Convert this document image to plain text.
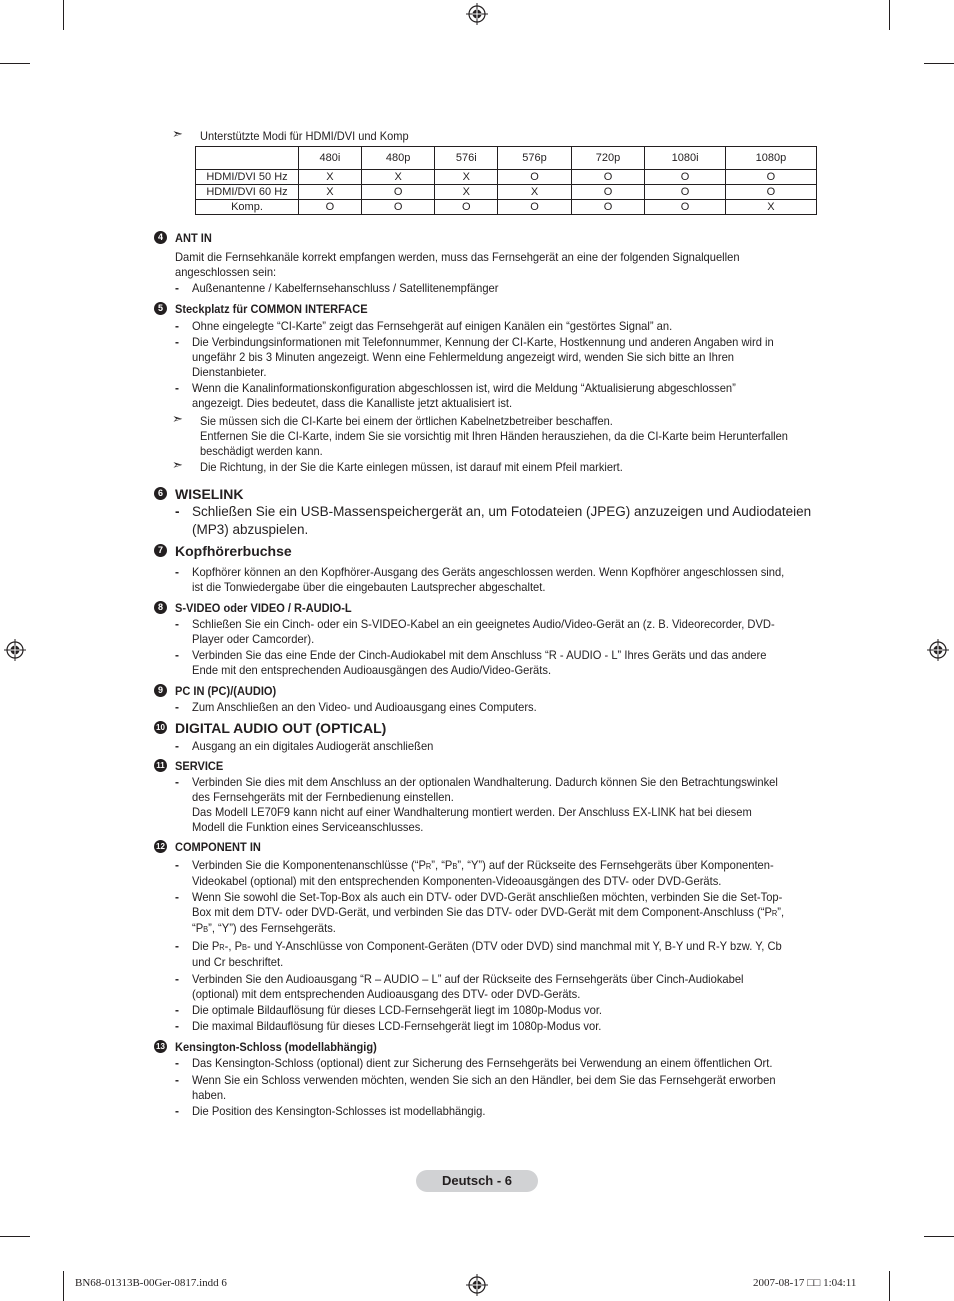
➣ Unterstützte Modi für HDMI/DVI und Komp
	480i	480p	576i	576p	720p	1080i	1080p
HDMI/DVI 50 Hz	X	X	X	O	O	O	O
HDMI/DVI 60 Hz	X	O	X	X	O	O	O
Komp.	O	O	O	O	O	O	X
4	ANT IN
Damit die Fernsehkanäle korrekt empfangen werden, muss das Fernsehgerät an eine der folgenden Signalquellen angeschlossen sein:
- Außenantenne / Kabelfernsehanschluss / Satellitenempfänger
5	Steckplatz für COMMON INTERFACE
- Ohne eingelegte “CI-Karte” zeigt das Fernsehgerät auf einigen Kanälen ein “gestörtes Signal” an.
- Die Verbindungsinformationen mit Telefonnummer, Kennung der CI-Karte, Hostkennung und anderen Angaben wird in ungefähr 2 bis 3 Minuten angezeigt. Wenn eine Fehlermeldung angezeigt wird, wenden Sie sich bitte an Ihren Dienstanbieter.
- Wenn die Kanalinformationskonfiguration abgeschlossen ist, wird die Meldung “Aktualisierung abgeschlossen” angezeigt. Dies bedeutet, dass die Kanalliste jetzt aktualisiert ist.
➣ Sie müssen sich die CI-Karte bei einem der örtlichen Kabelnetzbetreiber beschaffen.
Entfernen Sie die CI-Karte, indem Sie sie vorsichtig mit Ihren Händen herausziehen, da die CI-Karte beim Herunterfallen beschädigt werden kann.
➣ Die Richtung, in der Sie die Karte einlegen müssen, ist darauf mit einem Pfeil markiert.
6 WISELINK
- Schließen Sie ein USB-Massenspeichergerät an, um Fotodateien (JPEG) anzuzeigen und Audiodateien (MP3) abzuspielen.
7 Kopfhörerbuchse
- Kopfhörer können an den Kopfhörer-Ausgang des Geräts angeschlossen werden. Wenn Kopfhörer angeschlossen sind, ist die Tonwiedergabe über die eingebauten Lautsprecher abgeschaltet.
8	S-VIDEO oder VIDEO / R-AUDIO-L
- Schließen Sie ein Cinch- oder ein S-VIDEO-Kabel an ein geeignetes Audio/Video-Gerät an (z. B. Videorecorder, DVD-Player oder Camcorder).
- Verbinden Sie das eine Ende der Cinch-Audiokabel mit dem Anschluss “R - AUDIO - L” Ihres Geräts und das andere Ende mit den entsprechenden Audioausgängen des Audio/Video-Geräts.
9	PC IN (PC)/(AUDIO)
- Zum Anschließen an den Video- und Audioausgang eines Computers.
10 DIGITAL AUDIO OUT (OPTICAL)
- Ausgang an ein digitales Audiogerät anschließen
11 SERVICE
- Verbinden Sie dies mit dem Anschluss an der optionalen Wandhalterung. Dadurch können Sie den Betrachtungswinkel des Fernsehgeräts mit der Fernbedienung einstellen.
Das Modell LE70F9 kann nicht auf einer Wandhalterung montiert werden. Der Anschluss EX-LINK hat bei diesem Modell die Funktion eines Serviceanschlusses.
12 COMPONENT IN
- Verbinden Sie die Komponentenanschlüsse (“PR”, “PB”, “Y”) auf der Rückseite des Fernsehgeräts über Komponenten-Videokabel (optional) mit den entsprechenden Komponenten-Videoausgängen des DTV- oder DVD-Geräts.
- Wenn Sie sowohl die Set-Top-Box als auch ein DTV- oder DVD-Gerät anschließen möchten, verbinden Sie die Set-Top-Box mit dem DTV- oder DVD-Gerät, und verbinden Sie das DTV- oder DVD-Gerät mit dem Component-Anschluss (“PR”, “PB”, “Y”) des Fernsehgeräts.
- Die PR-, PB- und Y-Anschlüsse von Component-Geräten (DTV oder DVD) sind manchmal mit Y, B-Y und R-Y bzw. Y, Cb und Cr beschriftet.
- Verbinden Sie den Audioausgang “R – AUDIO – L” auf der Rückseite des Fernsehgeräts über Cinch-Audiokabel (optional) mit dem entsprechenden Audioausgang des DTV- oder DVD-Geräts.
- Die optimale Bildauflösung für dieses LCD-Fernsehgerät liegt im 1080p-Modus vor.
- Die maximal Bildauflösung für dieses LCD-Fernsehgerät liegt im 1080p-Modus vor.
13 Kensington-Schloss (modellabhängig)
- Das Kensington-Schloss (optional) dient zur Sicherung des Fernsehgeräts bei Verwendung an einem öffentlichen Ort.
- Wenn Sie ein Schloss verwenden möchten, wenden Sie sich an den Händler, bei dem Sie das Fernsehgerät erworben haben.
- Die Position des Kensington-Schlosses ist modellabhängig.
Deutsch - 6
BN68-01313B-00Ger-0817.indd 6	2007-08-17 □□ 1:04:11
